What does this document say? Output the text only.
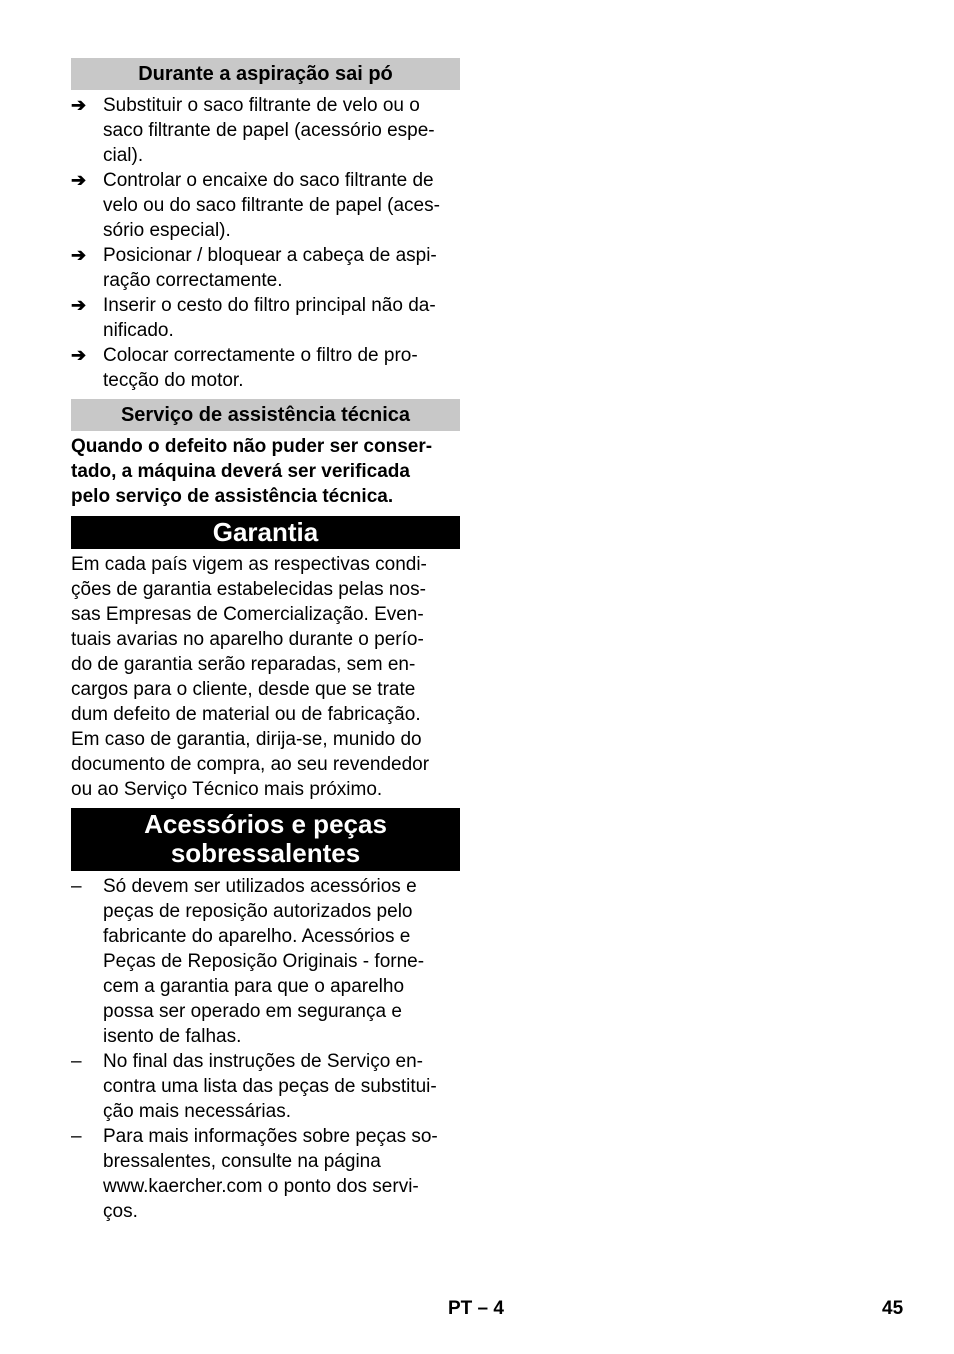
Durante a aspiração sai pó
➔ Substituir o saco filtrante de velo ou o
saco filtrante de papel (acessório espe-
cial).
➔ Controlar o encaixe do saco filtrante de
velo ou do saco filtrante de papel (aces-
sório especial).
➔ Posicionar / bloquear a cabeça de aspi-
ração correctamente.
➔ Inserir o cesto do filtro principal não da-
nificado.
➔ Colocar correctamente o filtro de pro-
tecção do motor.
Serviço de assistência técnica
Quando o defeito não puder ser conser-
tado, a máquina deverá ser verificada
pelo serviço de assistência técnica.
Garantia
Em cada país vigem as respectivas condi-
ções de garantia estabelecidas pelas nos-
sas Empresas de Comercialização. Even-
tuais avarias no aparelho durante o perío-
do de garantia serão reparadas, sem en-
cargos para o cliente, desde que se trate
dum defeito de material ou de fabricação.
Em caso de garantia, dirija-se, munido do
documento de compra, ao seu revendedor
ou ao Serviço Técnico mais próximo.
Acessórios e peças
sobressalentes
– Só devem ser utilizados acessórios e
peças de reposição autorizados pelo
fabricante do aparelho. Acessórios e
Peças de Reposição Originais - forne-
cem a garantia para que o aparelho
possa ser operado em segurança e
isento de falhas.
– No final das instruções de Serviço en-
contra uma lista das peças de substitui-
ção mais necessárias.
– Para mais informações sobre peças so-
bressalentes, consulte na página
www.kaercher.com o ponto dos servi-
ços.
PT – 4	45
